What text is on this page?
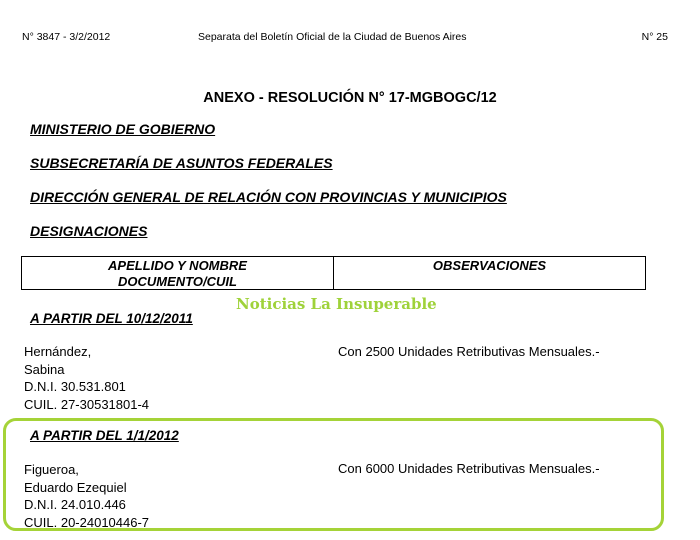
N° 3847 - 3/2/2012	Separata del Boletín Oficial de la Ciudad de Buenos Aires	N° 25
ANEXO - RESOLUCIÓN N° 17-MGBOGC/12
MINISTERIO DE GOBIERNO
SUBSECRETARÍA DE ASUNTOS FEDERALES
DIRECCIÓN GENERAL DE RELACIÓN CON PROVINCIAS Y MUNICIPIOS
DESIGNACIONES
APELLIDO Y NOMBRE
DOCUMENTO/CUIL
OBSERVACIONES
Noticias La Insuperable
A PARTIR DEL 10/12/2011
Hernández,
Sabina
D.N.I. 30.531.801
CUIL. 27-30531801-4
Con 2500 Unidades Retributivas Mensuales.-
A PARTIR DEL 1/1/2012
Figueroa,
Eduardo Ezequiel
D.N.I. 24.010.446
CUIL. 20-24010446-7
Con 6000 Unidades Retributivas Mensuales.-
